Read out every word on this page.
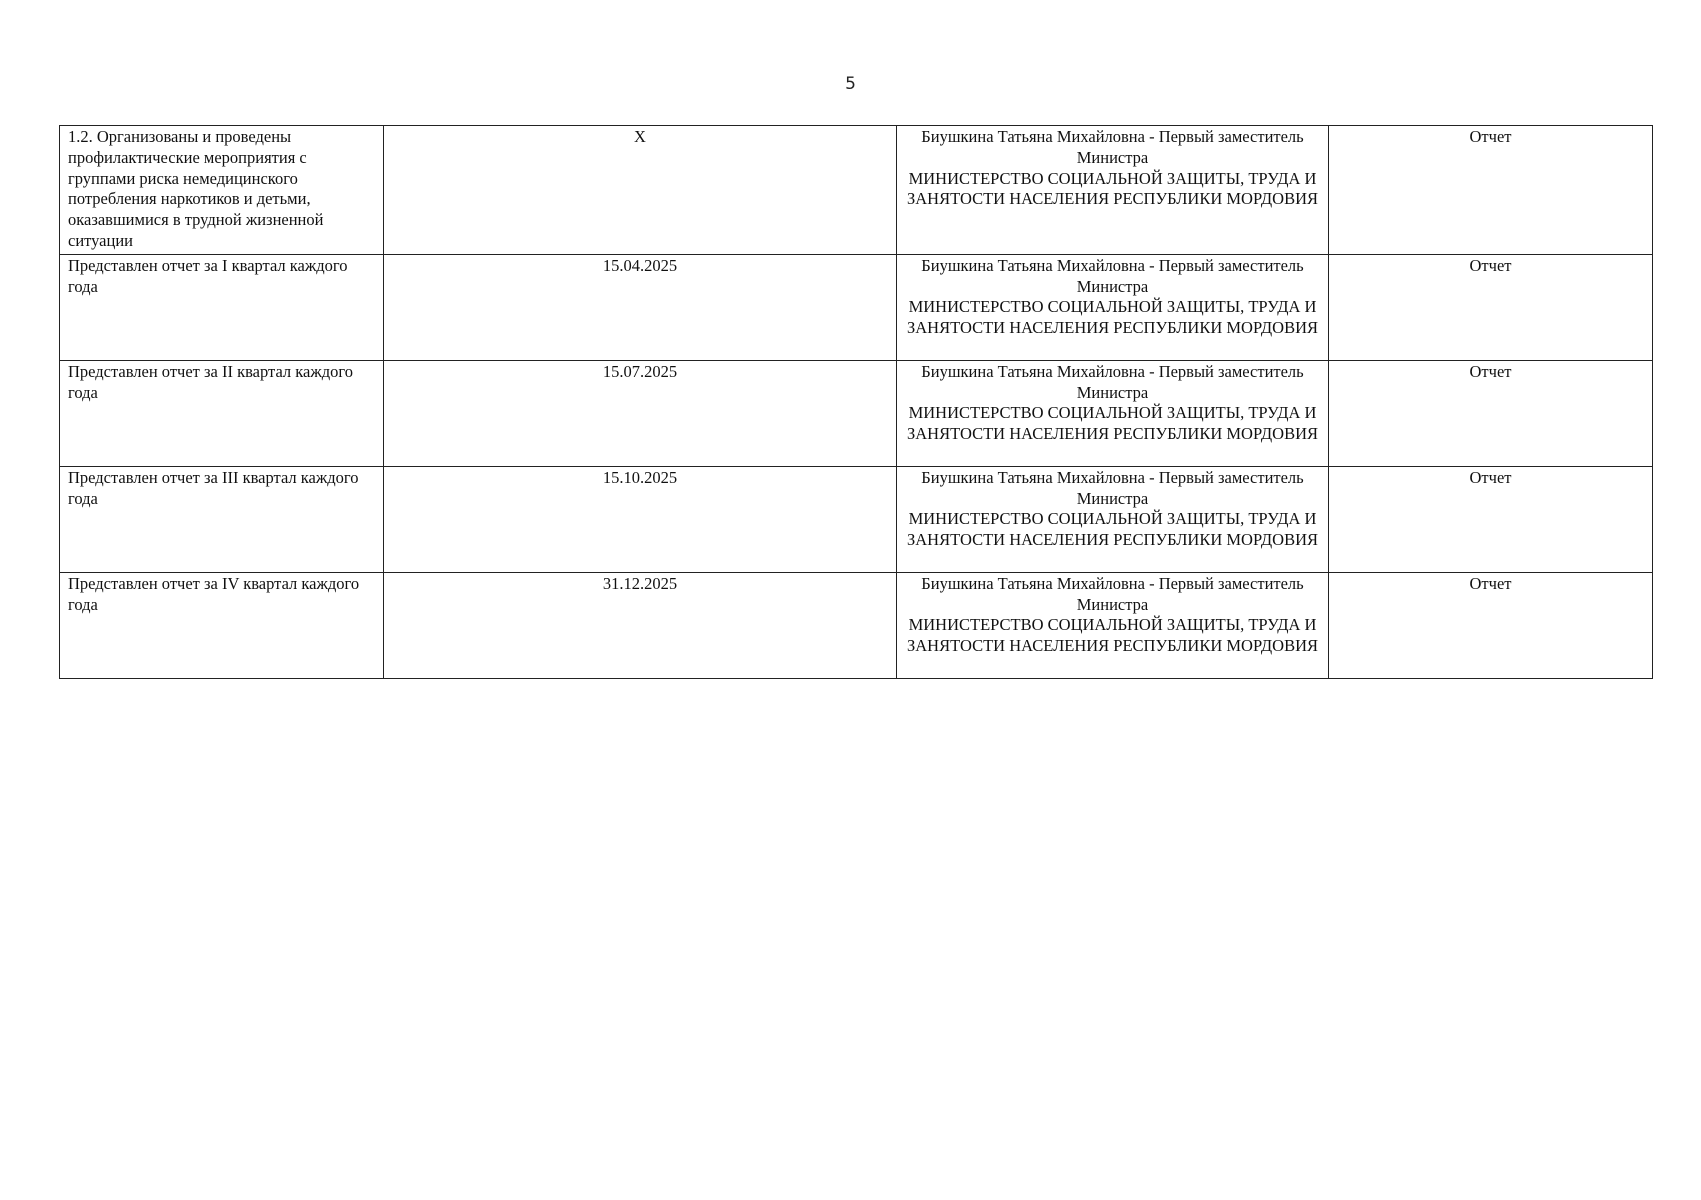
5
1.2. Организованы и проведены профилактические мероприятия с группами риска немедицинского потребления наркотиков и детьми, оказавшимися в трудной жизненной ситуации	X	Биушкина Татьяна Михайловна - Первый заместитель Министра
МИНИСТЕРСТВО СОЦИАЛЬНОЙ ЗАЩИТЫ, ТРУДА И ЗАНЯТОСТИ НАСЕЛЕНИЯ РЕСПУБЛИКИ МОРДОВИЯ	Отчет
Представлен отчет за I квартал каждого года	15.04.2025	Биушкина Татьяна Михайловна - Первый заместитель Министра
МИНИСТЕРСТВО СОЦИАЛЬНОЙ ЗАЩИТЫ, ТРУДА И ЗАНЯТОСТИ НАСЕЛЕНИЯ РЕСПУБЛИКИ МОРДОВИЯ	Отчет
Представлен отчет за II квартал каждого года	15.07.2025	Биушкина Татьяна Михайловна - Первый заместитель Министра
МИНИСТЕРСТВО СОЦИАЛЬНОЙ ЗАЩИТЫ, ТРУДА И ЗАНЯТОСТИ НАСЕЛЕНИЯ РЕСПУБЛИКИ МОРДОВИЯ	Отчет
Представлен отчет за III квартал каждого года	15.10.2025	Биушкина Татьяна Михайловна - Первый заместитель Министра
МИНИСТЕРСТВО СОЦИАЛЬНОЙ ЗАЩИТЫ, ТРУДА И ЗАНЯТОСТИ НАСЕЛЕНИЯ РЕСПУБЛИКИ МОРДОВИЯ	Отчет
Представлен отчет за IV квартал каждого года	31.12.2025	Биушкина Татьяна Михайловна - Первый заместитель Министра
МИНИСТЕРСТВО СОЦИАЛЬНОЙ ЗАЩИТЫ, ТРУДА И ЗАНЯТОСТИ НАСЕЛЕНИЯ РЕСПУБЛИКИ МОРДОВИЯ	Отчет
